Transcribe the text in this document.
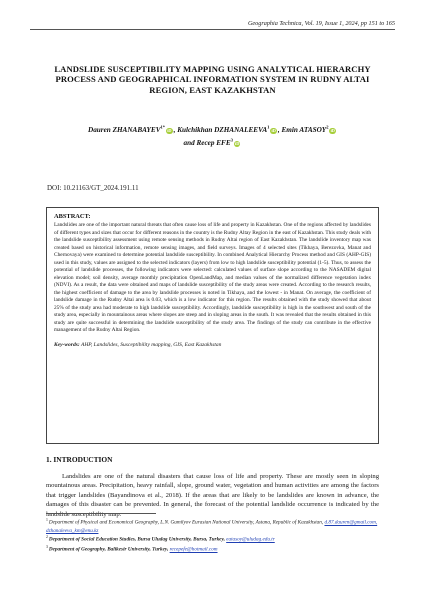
Geographia Technica, Vol. 19, Issue 1, 2024, pp 151 to 165
LANDSLIDE SUSCEPTIBILITY MAPPING USING ANALYTICAL HIERARCHY PROCESS AND GEOGRAPHICAL INFORMATION SYSTEM IN RUDNY ALTAI REGION, EAST KAZAKHSTAN
Dauren $ZHANABAYEV^{1*}iD$ , Kulchikhan DZHANALEEVA$^1$iD , Emin ATASOY$^2$iD
and Recep EFE$^3$iD
DOI: 10.21163/GT_2024.191.11
ABSTRACT:
Landslides are one of the important natural threats that often cause loss of life and property in Kazakhstan. One of the regions affected by landslides of different types and sizes that occur for different reasons in the country is the Rudny Altay Region in the east of Kazakhstan. This study deals with the landslide susceptibility assessment using remote sensing methods in Rudny Altai region of East Kazakhstan. The landslide inventory map was created based on historical information, remote sensing images, and field surveys. Images of 4 selected sites (Tikhaya, Berezovka, Manat and Chernovaya) were examined to determine potential landslide susceptibility. In combined Analytical Hierarchy Process method and GIS (AHP-GIS) used in this study, values are assigned to the selected indicators (layers) from low to high landslide susceptibility potential (1-5). Thus, to assess the potential of landslide processes, the following indicators were selected: calculated values of surface slope according to the NASADEM digital elevation model; soil density, average monthly precipitation OpenLandMap, and median values of the normalized difference vegetation index (NDVI). As a result, the data were obtained and maps of landslide susceptibility of the study areas were created. According to the research results, the highest coefficient of damage to the area by landslide processes is noted in Tikhaya, and the lowest - in Manat. On average, the coefficient of landslide damage in the Rudny Altai area is 0.03, which is a low indicator for this region. The results obtained with the study showed that about 25% of the study area had moderate to high landslide susceptibility. Accordingly, landslide susceptibility is high in the southwest and south of the study area, especially in mountainous areas where slopes are steep and in sloping areas in the south. It was revealed that the results obtained in this study are quite successful in determining the landslide susceptibility of the study area. The findings of the study can contribute in the effective management of the Rudny Altai Region.
Key-words: AHP, Landslides, Susceptibility mapping, GIS, East Kazakhstan
1. INTRODUCTION
Landslides are one of the natural disasters that cause loss of life and property. These are mostly seen in sloping mountainous areas. Precipitation, heavy rainfall, slope, ground water, vegetation and human activities are among the factors that trigger landslides (Bayandinova et al., 2018). If the areas that are likely to be landslides are known in advance, the damages of this disaster can be prevented. In general, the forecast of the potential landslide occurrence is indicated by the landslide susceptibility map.
$^1$Department of Physical and Economical Geography, L.N. Gumilyov Eurasian National University, Astana, Republic of Kazakhstan, d.87.dauren@gmail.com, dzhanaleeva_km@enu.kz
$^2$Department of Social Education Studies, Bursa Uludag University, Bursa, Turkey, eatasoy@uludag.edu.tr
$^3$Department of Geography, Balikesir University, Turkey, recepefe@hotmail.com
